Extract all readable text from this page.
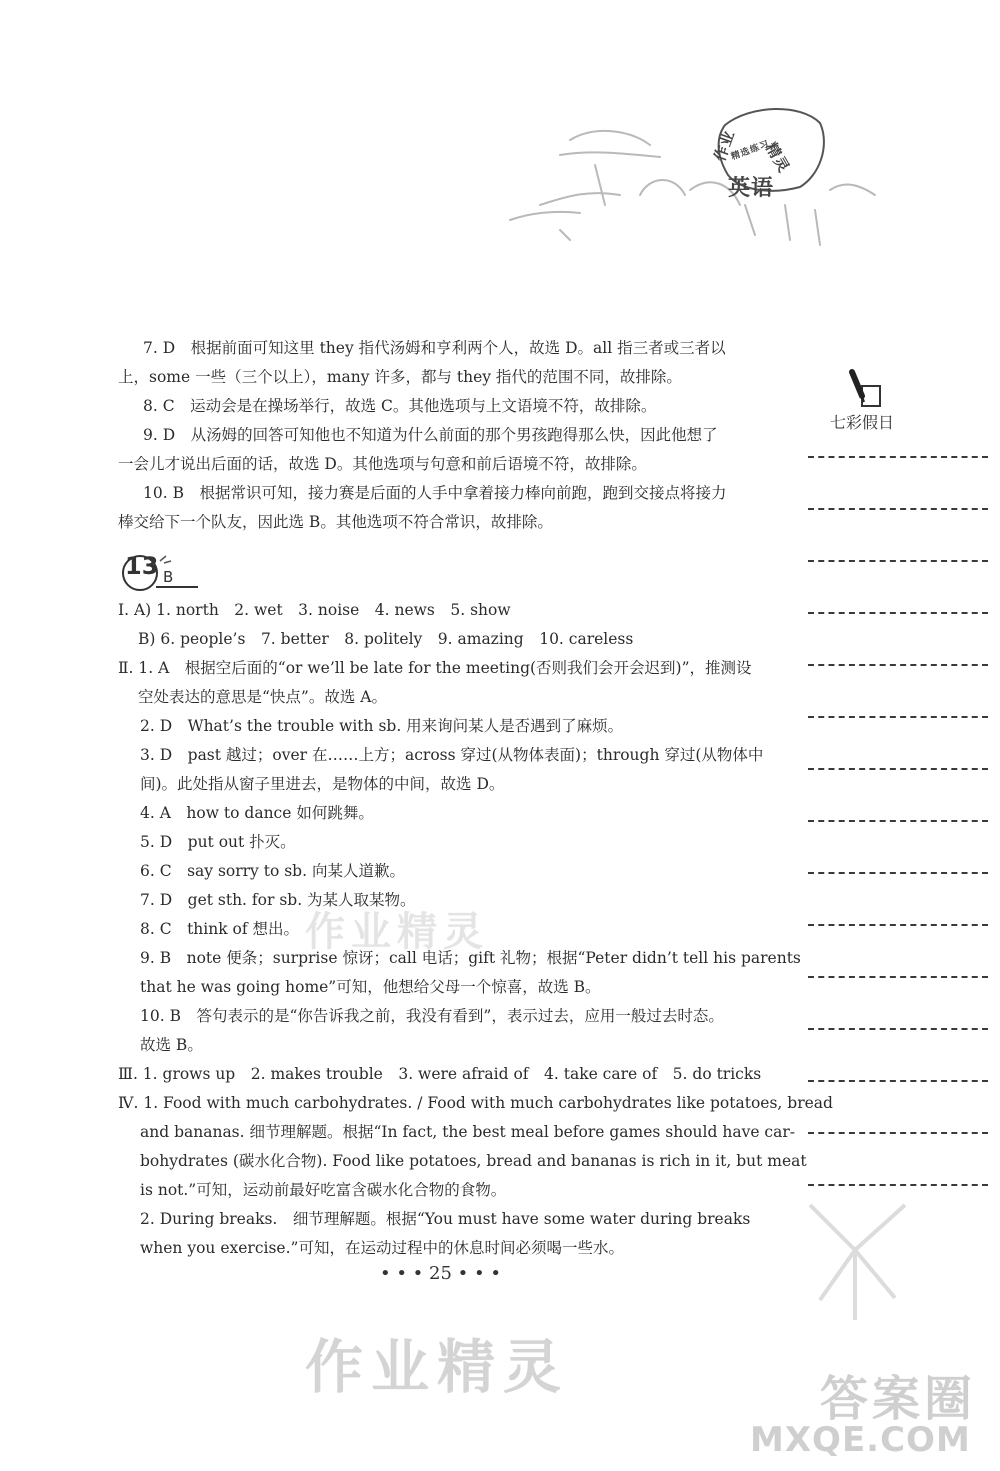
作业
精选练习
精灵
英语
七彩假日
7. D　根据前面可知这里 they 指代汤姆和亨利两个人，故选 D。all 指三者或三者以
上，some 一些（三个以上），many 许多，都与 they 指代的范围不同，故排除。
8. C　运动会是在操场举行，故选 C。其他选项与上文语境不符，故排除。
9. D　从汤姆的回答可知他也不知道为什么前面的那个男孩跑得那么快，因此他想了
一会儿才说出后面的话，故选 D。其他选项与句意和前后语境不符，故排除。
10. B　根据常识可知，接力赛是后面的人手中拿着接力棒向前跑，跑到交接点将接力
棒交给下一个队友，因此选 B。其他选项不符合常识，故排除。
13 B
Ⅰ. A) 1. north　2. wet　3. noise　4. news　5. show
B) 6. people’s　7. better　8. politely　9. amazing　10. careless
Ⅱ. 1. A　根据空后面的“or we’ll be late for the meeting(否则我们会开会迟到)”，推测设
空处表达的意思是“快点”。故选 A。
2. D　What’s the trouble with sb. 用来询问某人是否遇到了麻烦。
3. D　past 越过；over 在……上方；across 穿过(从物体表面)；through 穿过(从物体中
间)。此处指从窗子里进去，是物体的中间，故选 D。
4. A　how to dance 如何跳舞。
5. D　put out 扑灭。
6. C　say sorry to sb. 向某人道歉。
7. D　get sth. for sb. 为某人取某物。
8. C　think of 想出。
9. B　note 便条；surprise 惊讶；call 电话；gift 礼物；根据“Peter didn’t tell his parents
that he was going home”可知，他想给父母一个惊喜，故选 B。
10. B　答句表示的是“你告诉我之前，我没有看到”，表示过去，应用一般过去时态。
故选 B。
Ⅲ. 1. grows up　2. makes trouble　3. were afraid of　4. take care of　5. do tricks
Ⅳ. 1. Food with much carbohydrates. / Food with much carbohydrates like potatoes, bread
and bananas. 细节理解题。根据“In fact, the best meal before games should have car-
bohydrates (碳水化合物). Food like potatoes, bread and bananas is rich in it, but meat
is not.”可知，运动前最好吃富含碳水化合物的食物。
2. During breaks.　细节理解题。根据“You must have some water during breaks
when you exercise.”可知，在运动过程中的休息时间必须喝一些水。
• • • 25 • • •
作业精灵
作业精灵	答案圈
MXQE.COM
